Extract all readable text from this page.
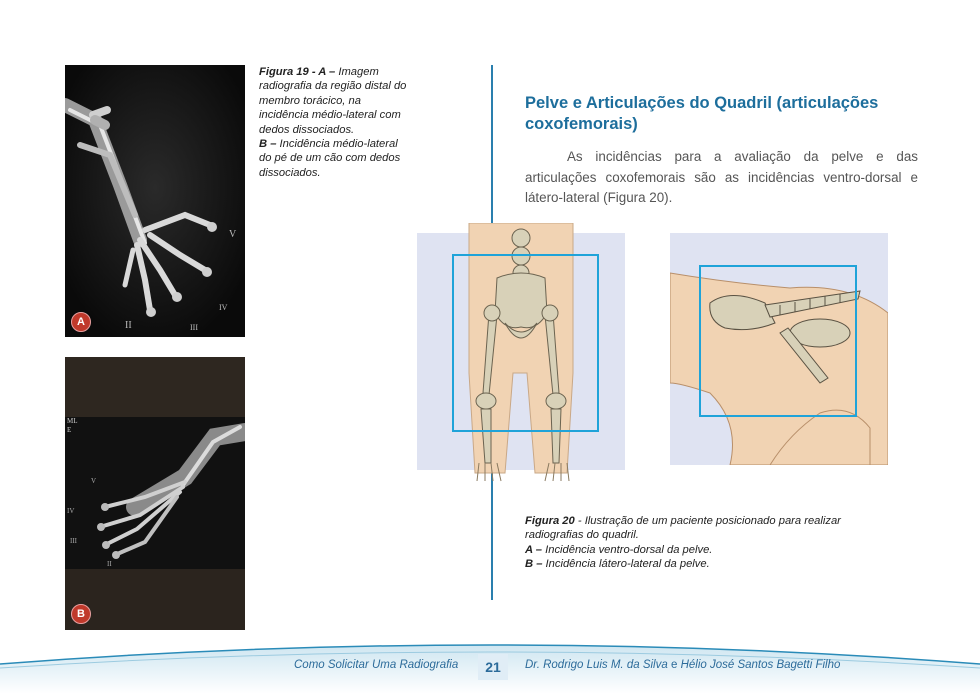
V
IV
II	III
A
Figura 19 - A – Imagem radiografia da região distal do membro torácico, na incidência médio-lateral com dedos dissociados.
B – Incidência médio-lateral do pé de um cão com dedos dissociados.
ML
E
V
IV
III
II
B
Pelve e Articulações do Quadril (articulações coxofemorais)
As incidências para a avaliação da pelve e das articulações coxofemorais são as incidências ventro-dorsal e látero-lateral (Figura 20).
Figura 20 - Ilustração de um paciente posicionado para realizar radiografias do quadril.
A – Incidência ventro-dorsal da pelve.
B – Incidência látero-lateral da pelve.
Como Solicitar Uma Radiografia	21	Dr. Rodrigo Luis M. da Silva e Hélio José Santos Bagetti Filho
